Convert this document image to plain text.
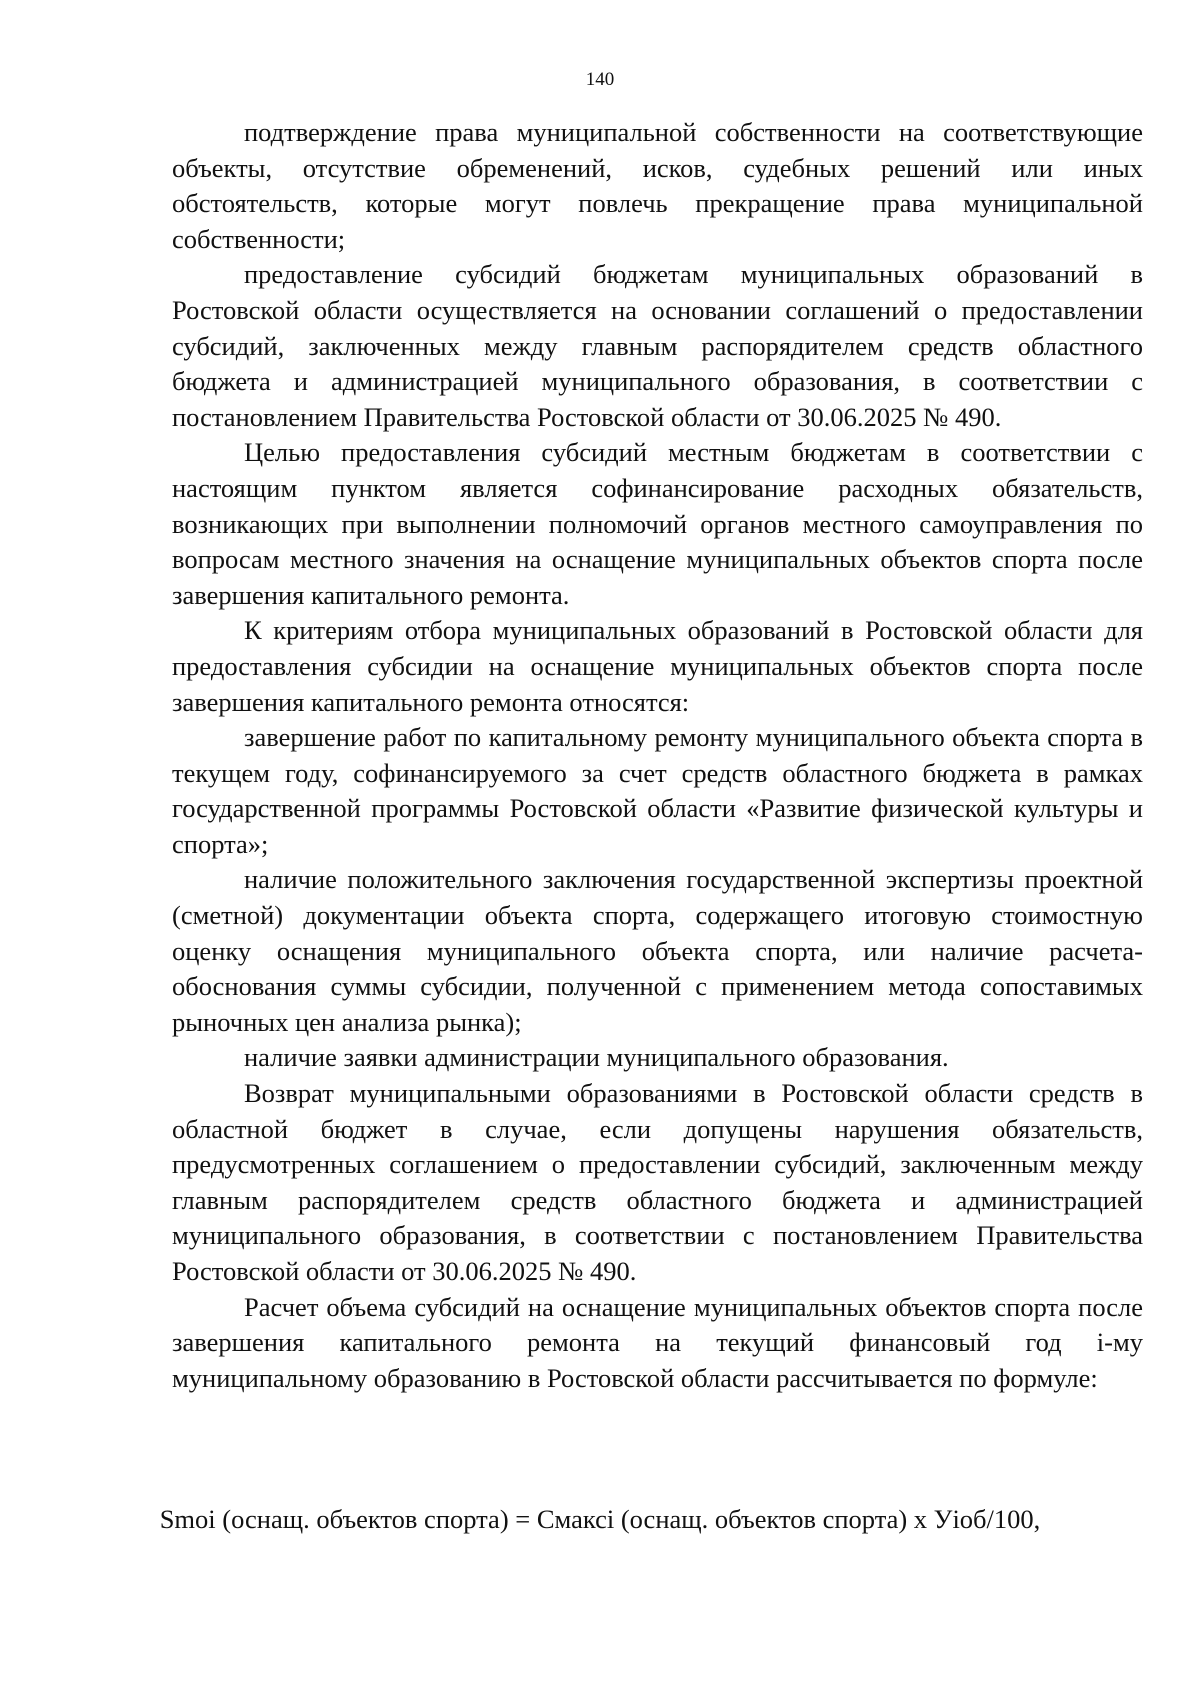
140

подтверждение права муниципальной собственности на соответствующие объекты, отсутствие обременений, исков, судебных решений или иных обстоятельств, которые могут повлечь прекращение права муниципальной собственности;

предоставление субсидий бюджетам муниципальных образований в Ростовской области осуществляется на основании соглашений о предоставлении субсидий, заключенных между главным распорядителем средств областного бюджета и администрацией муниципального образования, в соответствии с постановлением Правительства Ростовской области от 30.06.2025 № 490.

Целью предоставления субсидий местным бюджетам в соответствии с настоящим пунктом является софинансирование расходных обязательств, возникающих при выполнении полномочий органов местного самоуправления по вопросам местного значения на оснащение муниципальных объектов спорта после завершения капитального ремонта.

К критериям отбора муниципальных образований в Ростовской области для предоставления субсидии на оснащение муниципальных объектов спорта после завершения капитального ремонта относятся:

завершение работ по капитальному ремонту муниципального объекта спорта в текущем году, софинансируемого за счет средств областного бюджета в рамках государственной программы Ростовской области «Развитие физической культуры и спорта»;

наличие положительного заключения государственной экспертизы проектной (сметной) документации объекта спорта, содержащего итоговую стоимостную оценку оснащения муниципального объекта спорта, или наличие расчета-обоснования суммы субсидии, полученной с применением метода сопоставимых рыночных цен анализа рынка);

наличие заявки администрации муниципального образования.

Возврат муниципальными образованиями в Ростовской области средств в областной бюджет в случае, если допущены нарушения обязательств, предусмотренных соглашением о предоставлении субсидий, заключенным между главным распорядителем средств областного бюджета и администрацией муниципального образования, в соответствии с постановлением Правительства Ростовской области от 30.06.2025 № 490.

Расчет объема субсидий на оснащение муниципальных объектов спорта после завершения капитального ремонта на текущий финансовый год i-му муниципальному образованию в Ростовской области рассчитывается по формуле:

Smoi (оснащ. объектов спорта) = Смаксi (оснащ. объектов спорта) х Уioб/100,
